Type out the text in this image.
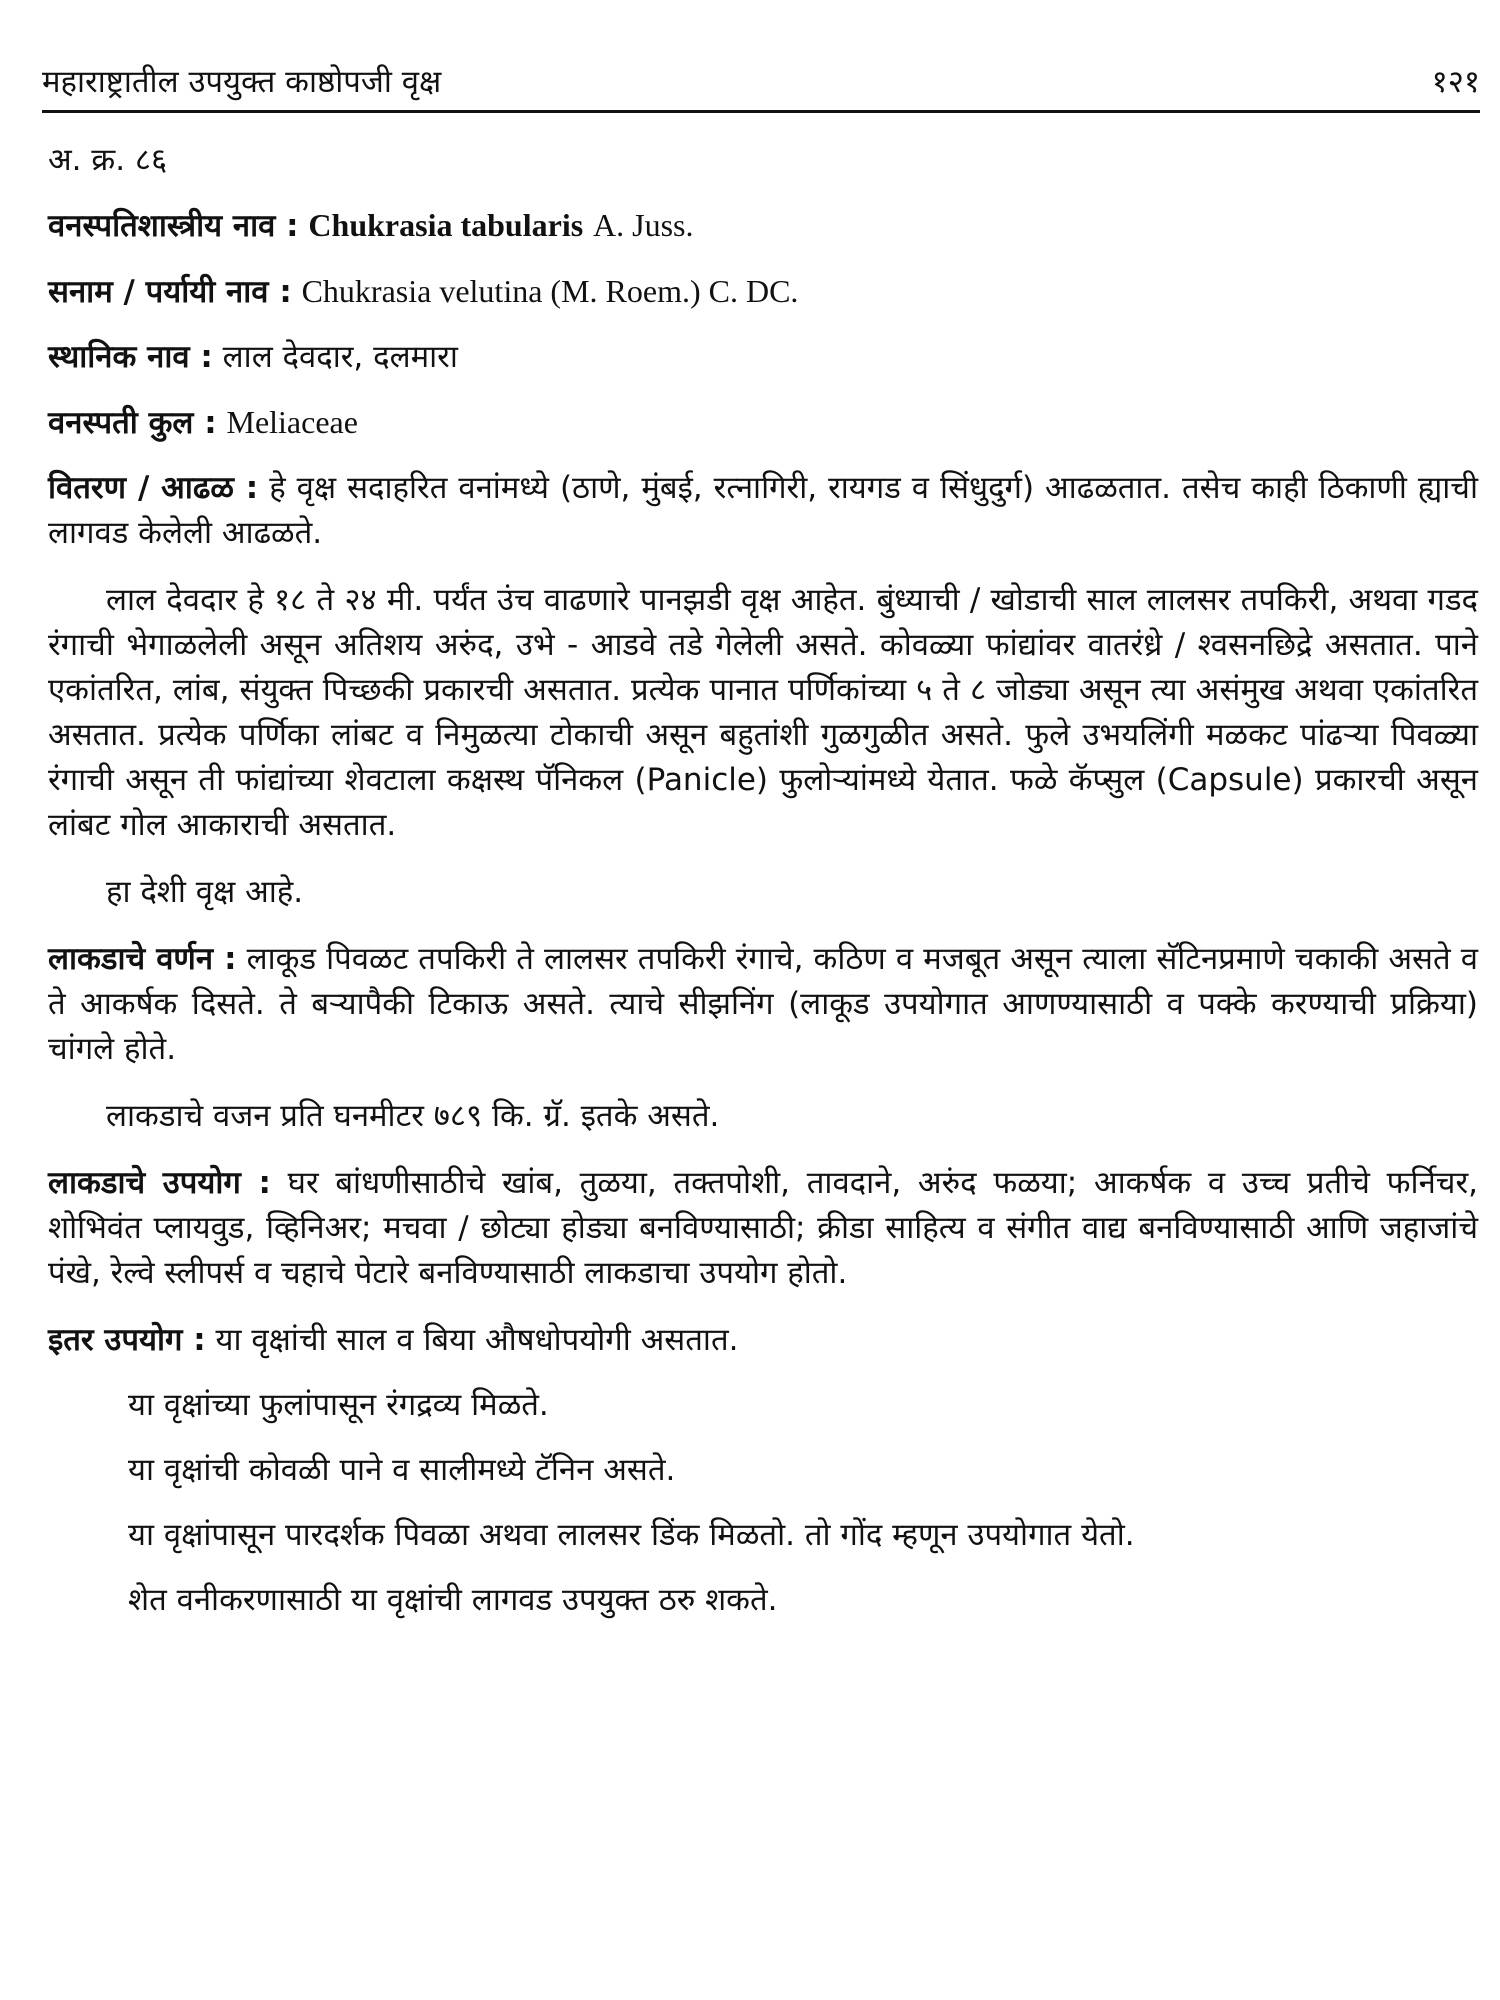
महाराष्ट्रातील उपयुक्त काष्ठोपजी वृक्ष	१२१

अ. क्र. ८६

वनस्पतिशास्त्रीय नाव : Chukrasia tabularis A. Juss.

सनाम / पर्यायी नाव : Chukrasia velutina (M. Roem.) C. DC.

स्थानिक नाव : लाल देवदार, दलमारा

वनस्पती कुल : Meliaceae

वितरण / आढळ : हे वृक्ष सदाहरित वनांमध्ये (ठाणे, मुंबई, रत्नागिरी, रायगड व सिंधुदुर्ग) आढळतात. तसेच काही ठिकाणी ह्याची लागवड केलेली आढळते.

लाल देवदार हे १८ ते २४ मी. पर्यंत उंच वाढणारे पानझडी वृक्ष आहेत. बुंध्याची / खोडाची साल लालसर तपकिरी, अथवा गडद रंगाची भेगाळलेली असून अतिशय अरुंद, उभे - आडवे तडे गेलेली असते. कोवळ्या फांद्यांवर वातरंध्रे / श्वसनछिद्रे असतात. पाने एकांतरित, लांब, संयुक्त पिच्छकी प्रकारची असतात. प्रत्येक पानात पर्णिकांच्या ५ ते ८ जोड्या असून त्या असंमुख अथवा एकांतरित असतात. प्रत्येक पर्णिका लांबट व निमुळत्या टोकाची असून बहुतांशी गुळगुळीत असते. फुले उभयलिंगी मळकट पांढऱ्या पिवळ्या रंगाची असून ती फांद्यांच्या शेवटाला कक्षस्थ पॅनिकल (Panicle) फुलोऱ्यांमध्ये येतात. फळे कॅप्सुल (Capsule) प्रकारची असून लांबट गोल आकाराची असतात.

हा देशी वृक्ष आहे.

लाकडाचे वर्णन : लाकूड पिवळट तपकिरी ते लालसर तपकिरी रंगाचे, कठिण व मजबूत असून त्याला सॅटिनप्रमाणे चकाकी असते व ते आकर्षक दिसते. ते बऱ्यापैकी टिकाऊ असते. त्याचे सीझनिंग (लाकूड उपयोगात आणण्यासाठी व पक्के करण्याची प्रक्रिया) चांगले होते.

लाकडाचे वजन प्रति घनमीटर ७८९ कि. ग्रॅ. इतके असते.

लाकडाचे उपयोग : घर बांधणीसाठीचे खांब, तुळया, तक्तपोशी, तावदाने, अरुंद फळया; आकर्षक व उच्च प्रतीचे फर्निचर, शोभिवंत प्लायवुड, व्हिनिअर; मचवा / छोट्या होड्या बनविण्यासाठी; क्रीडा साहित्य व संगीत वाद्य बनविण्यासाठी आणि जहाजांचे पंखे, रेल्वे स्लीपर्स व चहाचे पेटारे बनविण्यासाठी लाकडाचा उपयोग होतो.

इतर उपयोग : या वृक्षांची साल व बिया औषधोपयोगी असतात.

या वृक्षांच्या फुलांपासून रंगद्रव्य मिळते.

या वृक्षांची कोवळी पाने व सालीमध्ये टॅनिन असते.

या वृक्षांपासून पारदर्शक पिवळा अथवा लालसर डिंक मिळतो. तो गोंद म्हणून उपयोगात येतो.

शेत वनीकरणासाठी या वृक्षांची लागवड उपयुक्त ठरु शकते.
